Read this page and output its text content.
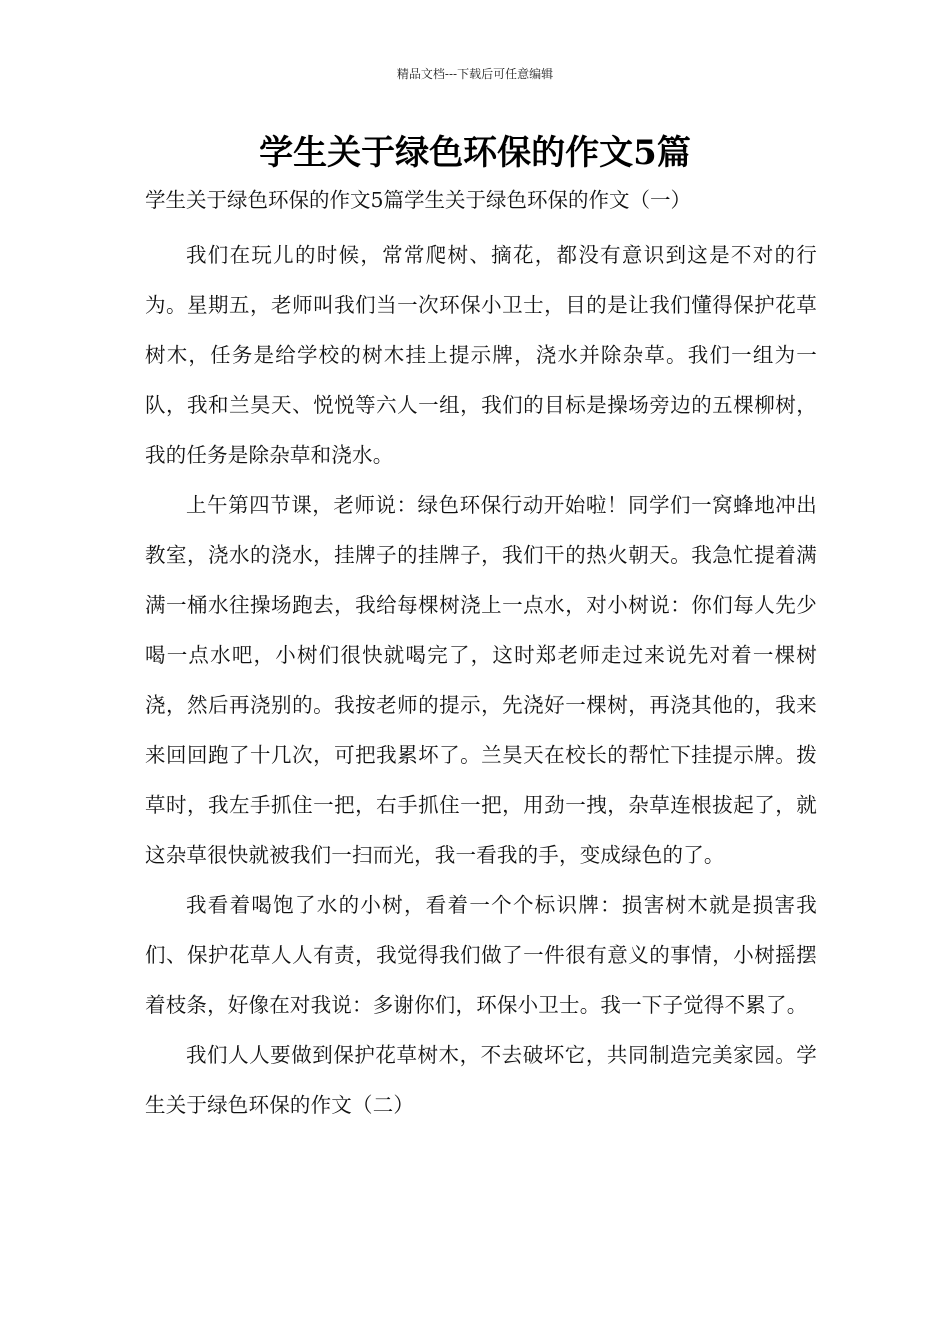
精品文档---下载后可任意编辑
学生关于绿色环保的作文5篇

学生关于绿色环保的作文5篇学生关于绿色环保的作文（一）

我们在玩儿的时候，常常爬树、摘花，都没有意识到这是不对的行为。星期五，老师叫我们当一次环保小卫士，目的是让我们懂得保护花草树木，任务是给学校的树木挂上提示牌，浇水并除杂草。我们一组为一队，我和兰昊天、悦悦等六人一组，我们的目标是操场旁边的五棵柳树，我的任务是除杂草和浇水。

上午第四节课，老师说：绿色环保行动开始啦！同学们一窝蜂地冲出教室，浇水的浇水，挂牌子的挂牌子，我们干的热火朝天。我急忙提着满满一桶水往操场跑去，我给每棵树浇上一点水，对小树说：你们每人先少喝一点水吧，小树们很快就喝完了，这时郑老师走过来说先对着一棵树浇，然后再浇别的。我按老师的提示，先浇好一棵树，再浇其他的，我来来回回跑了十几次，可把我累坏了。兰昊天在校长的帮忙下挂提示牌。拨草时，我左手抓住一把，右手抓住一把，用劲一拽，杂草连根拔起了，就这杂草很快就被我们一扫而光，我一看我的手，变成绿色的了。

我看着喝饱了水的小树，看着一个个标识牌：损害树木就是损害我们、保护花草人人有责，我觉得我们做了一件很有意义的事情，小树摇摆着枝条，好像在对我说：多谢你们，环保小卫士。我一下子觉得不累了。

我们人人要做到保护花草树木，不去破坏它，共同制造完美家园。学生关于绿色环保的作文（二）
